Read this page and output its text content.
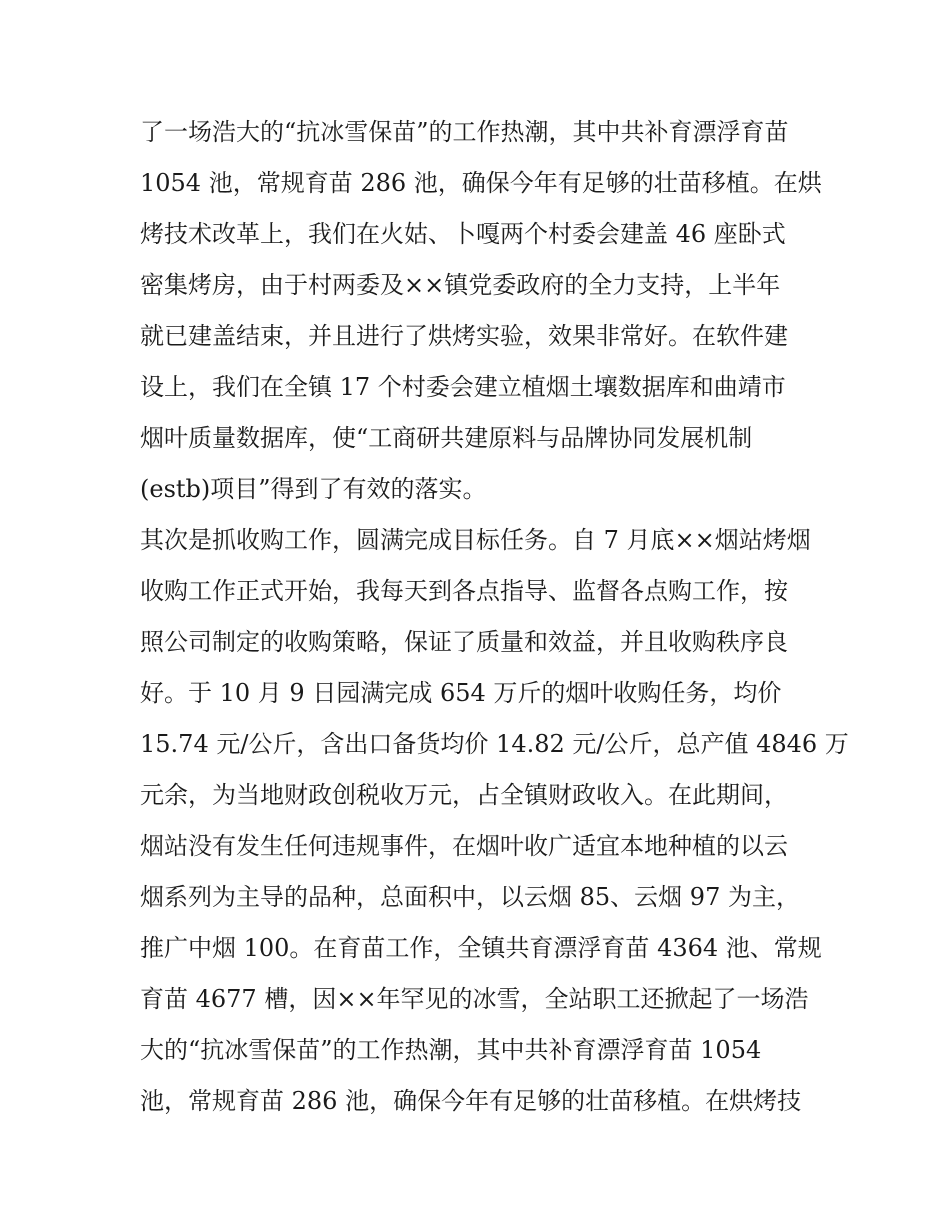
了一场浩大的“抗冰雪保苗”的工作热潮，其中共补育漂浮育苗
1054 池，常规育苗 286 池，确保今年有足够的壮苗移植。在烘
烤技术改革上，我们在火姑、卜嘎两个村委会建盖 46 座卧式
密集烤房，由于村两委及××镇党委政府的全力支持，上半年
就已建盖结束，并且进行了烘烤实验，效果非常好。在软件建
设上，我们在全镇 17 个村委会建立植烟土壤数据库和曲靖市
烟叶质量数据库，使“工商研共建原料与品牌协同发展机制
(estb)项目”得到了有效的落实。
其次是抓收购工作，圆满完成目标任务。自 7 月底××烟站烤烟
收购工作正式开始，我每天到各点指导、监督各点购工作，按
照公司制定的收购策略，保证了质量和效益，并且收购秩序良
好。于 10 月 9 日园满完成 654 万斤的烟叶收购任务，均价
15.74 元/公斤，含出口备货均价 14.82 元/公斤，总产值 4846 万
元余，为当地财政创税收万元，占全镇财政收入。在此期间，
烟站没有发生任何违规事件，在烟叶收广适宜本地种植的以云
烟系列为主导的品种，总面积中，以云烟 85、云烟 97 为主，
推广中烟 100。在育苗工作，全镇共育漂浮育苗 4364 池、常规
育苗 4677 槽，因××年罕见的冰雪，全站职工还掀起了一场浩
大的“抗冰雪保苗”的工作热潮，其中共补育漂浮育苗 1054
池，常规育苗 286 池，确保今年有足够的壮苗移植。在烘烤技
